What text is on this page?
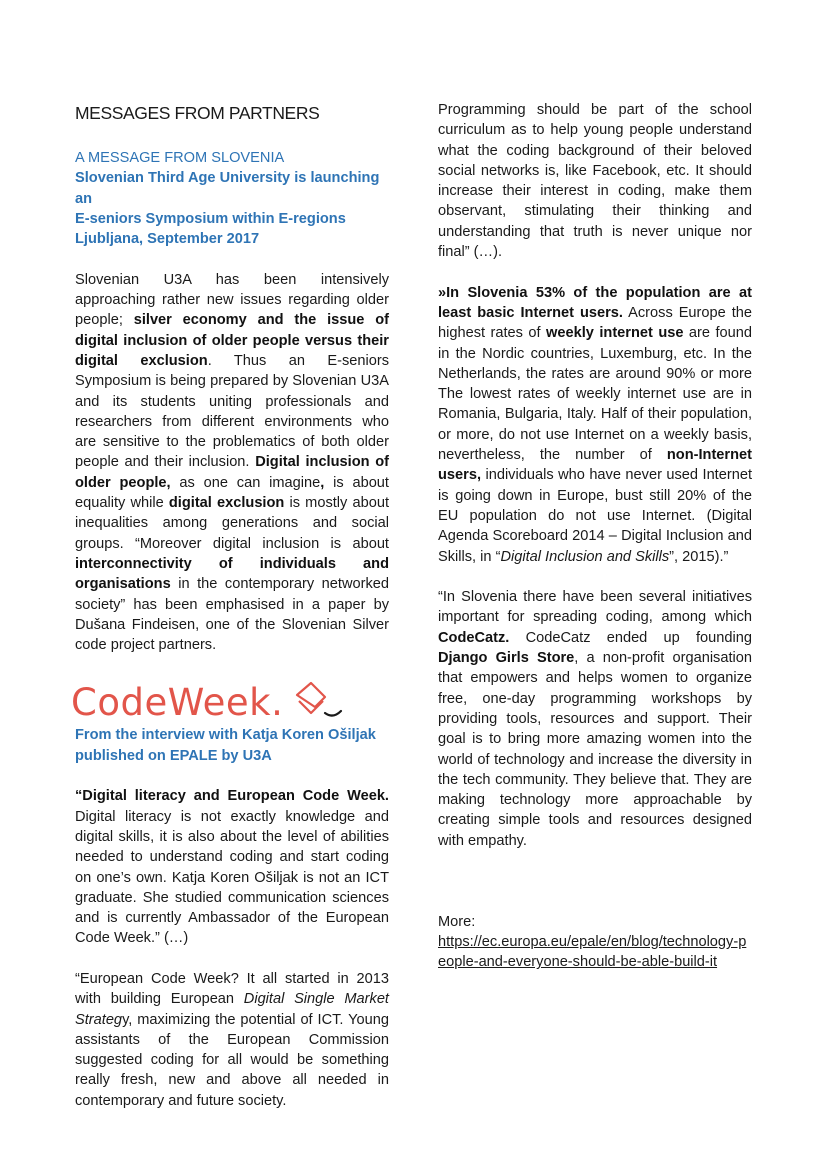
MESSAGES FROM PARTNERS
A MESSAGE FROM SLOVENIA
Slovenian Third Age University is launching an
E-seniors Symposium within E-regions
Ljubljana, September 2017

Slovenian U3A has been intensively approaching rather new issues regarding older people; silver economy and the issue of digital inclusion of older people versus their digital exclusion. Thus an E-seniors Symposium is being prepared by Slovenian U3A and its students uniting professionals and researchers from different environments who are sensitive to the problematics of both older people and their inclusion. Digital inclusion of older people, as one can imagine, is about equality while digital exclusion is mostly about inequalities among generations and social groups. “Moreover digital inclusion is about interconnectivity of individuals and organisations in the contemporary networked society” has been emphasised in a paper by Dušana Findeisen, one of the Slovenian Silver code project partners.

CodeWeek.
From the interview with Katja Koren Ošiljak
published on EPALE by U3A

“Digital literacy and European Code Week. Digital literacy is not exactly knowledge and digital skills, it is also about the level of abilities needed to understand coding and start coding on one’s own. Katja Koren Ošiljak is not an ICT graduate. She studied communication sciences and is currently Ambassador of the European Code Week.” (…)

“European Code Week? It all started in 2013 with building European Digital Single Market Strategy, maximizing the potential of ICT. Young assistants of the European Commission suggested coding for all would be something really fresh, new and above all needed in contemporary and future society.

Programming should be part of the school curriculum as to help young people understand what the coding background of their beloved social networks is, like Facebook, etc. It should increase their interest in coding, make them observant, stimulating their thinking and understanding that truth is never unique nor final” (…).

»In Slovenia 53% of the population are at least basic Internet users. Across Europe the highest rates of weekly internet use are found in the Nordic countries, Luxemburg, etc. In the Netherlands, the rates are around 90% or more The lowest rates of weekly internet use are in Romania, Bulgaria, Italy. Half of their population, or more, do not use Internet on a weekly basis, nevertheless, the number of non-Internet users, individuals who have never used Internet is going down in Europe, bust still 20% of the EU population do not use Internet. (Digital Agenda Scoreboard 2014 – Digital Inclusion and Skills, in “Digital Inclusion and Skills”, 2015).”

“In Slovenia there have been several initiatives important for spreading coding, among which CodeCatz. CodeCatz ended up founding Django Girls Store, a non-profit organisation that empowers and helps women to organize free, one-day programming workshops by providing tools, resources and support. Their goal is to bring more amazing women into the world of technology and increase the diversity in the tech community. They believe that. They are making technology more approachable by creating simple tools and resources designed with empathy.

More:

https://ec.europa.eu/epale/en/blog/technology-people-and-everyone-should-be-able-build-it
